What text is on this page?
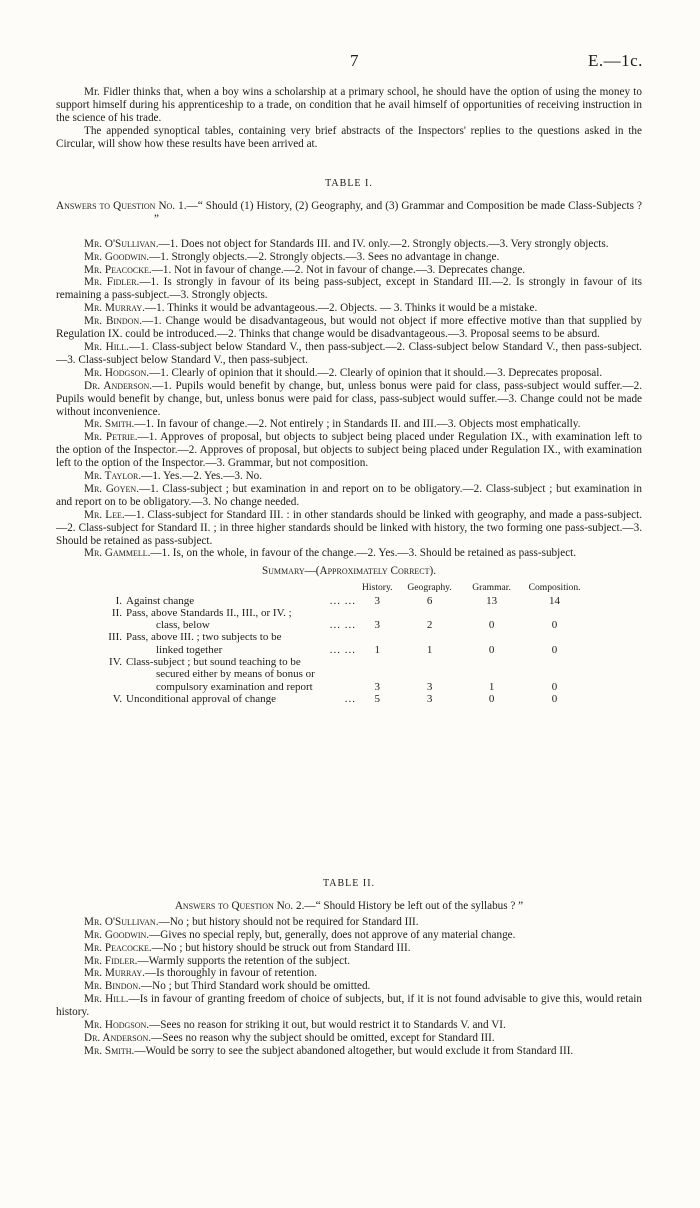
7	E.—1c.

Mr. Fidler thinks that, when a boy wins a scholarship at a primary school, he should have the option of using the money to support himself during his apprenticeship to a trade, on condition that he avail himself of opportunities of receiving instruction in the science of his trade.

The appended synoptical tables, containing very brief abstracts of the Inspectors' replies to the questions asked in the Circular, will show how these results have been arrived at.

TABLE I.

Answers to Question No. 1.—“ Should (1) History, (2) Geography, and (3) Grammar and Composition be made Class-Subjects ? ”

Mr. O'Sullivan.—1. Does not object for Standards III. and IV. only.—2. Strongly objects.—3. Very strongly objects.

Mr. Goodwin.—1. Strongly objects.—2. Strongly objects.—3. Sees no advantage in change.

Mr. Peacocke.—1. Not in favour of change.—2. Not in favour of change.—3. Deprecates change.

Mr. Fidler.—1. Is strongly in favour of its being pass-subject, except in Standard III.—2. Is strongly in favour of its remaining a pass-subject.—3. Strongly objects.

Mr. Murray.—1. Thinks it would be advantageous.—2. Objects. — 3. Thinks it would be a mistake.

Mr. Bindon.—1. Change would be disadvantageous, but would not object if more effective motive than that supplied by Regulation IX. could be introduced.—2. Thinks that change would be disadvantageous.—3. Proposal seems to be absurd.

Mr. Hill.—1. Class-subject below Standard V., then pass-subject.—2. Class-subject below Standard V., then pass-subject.—3. Class-subject below Standard V., then pass-subject.

Mr. Hodgson.—1. Clearly of opinion that it should.—2. Clearly of opinion that it should.—3. Deprecates proposal.

Dr. Anderson.—1. Pupils would benefit by change, but, unless bonus were paid for class, pass-subject would suffer.—2. Pupils would benefit by change, but, unless bonus were paid for class, pass-subject would suffer.—3. Change could not be made without inconvenience.

Mr. Smith.—1. In favour of change.—2. Not entirely ; in Standards II. and III.—3. Objects most emphatically.

Mr. Petrie.—1. Approves of proposal, but objects to subject being placed under Regulation IX., with examination left to the option of the Inspector.—2. Approves of proposal, but objects to subject being placed under Regulation IX., with examination left to the option of the Inspector.—3. Grammar, but not composition.

Mr. Taylor.—1. Yes.—2. Yes.—3. No.

Mr. Goyen.—1. Class-subject ; but examination in and report on to be obligatory.—2. Class-subject ; but examination in and report on to be obligatory.—3. No change needed.

Mr. Lee.—1. Class-subject for Standard III. : in other standards should be linked with geography, and made a pass-subject.—2. Class-subject for Standard II. ; in three higher standards should be linked with history, the two forming one pass-subject.—3. Should be retained as pass-subject.

Mr. Gammell.—1. Is, on the whole, in favour of the change.—2. Yes.—3. Should be retained as pass-subject.

Summary—(Approximately Correct).
	History.	Geography.	Grammar.	Composition.
I. Against change ... ...	3	6	13	14
II. Pass, above Standards II., III., or IV. ;
class, below ... ...	3	2	0	0
III. Pass, above III. ; two subjects to be
linked together ... ...	1	1	0	0
IV. Class-subject ; but sound teaching to be
secured either by means of bonus or
compulsory examination and report	3	3	1	0
V. Unconditional approval of change ...	5	3	0	0
TABLE II.

Answers to Question No. 2.—“ Should History be left out of the syllabus ? ”

Mr. O'Sullivan.—No ; but history should not be required for Standard III.

Mr. Goodwin.—Gives no special reply, but, generally, does not approve of any material change.

Mr. Peacocke.—No ; but history should be struck out from Standard III.

Mr. Fidler.—Warmly supports the retention of the subject.

Mr. Murray.—Is thoroughly in favour of retention.

Mr. Bindon.—No ; but Third Standard work should be omitted.

Mr. Hill.—Is in favour of granting freedom of choice of subjects, but, if it is not found advisable to give this, would retain history.

Mr. Hodgson.—Sees no reason for striking it out, but would restrict it to Standards V. and VI.

Dr. Anderson.—Sees no reason why the subject should be omitted, except for Standard III.

Mr. Smith.—Would be sorry to see the subject abandoned altogether, but would exclude it from Standard III.
